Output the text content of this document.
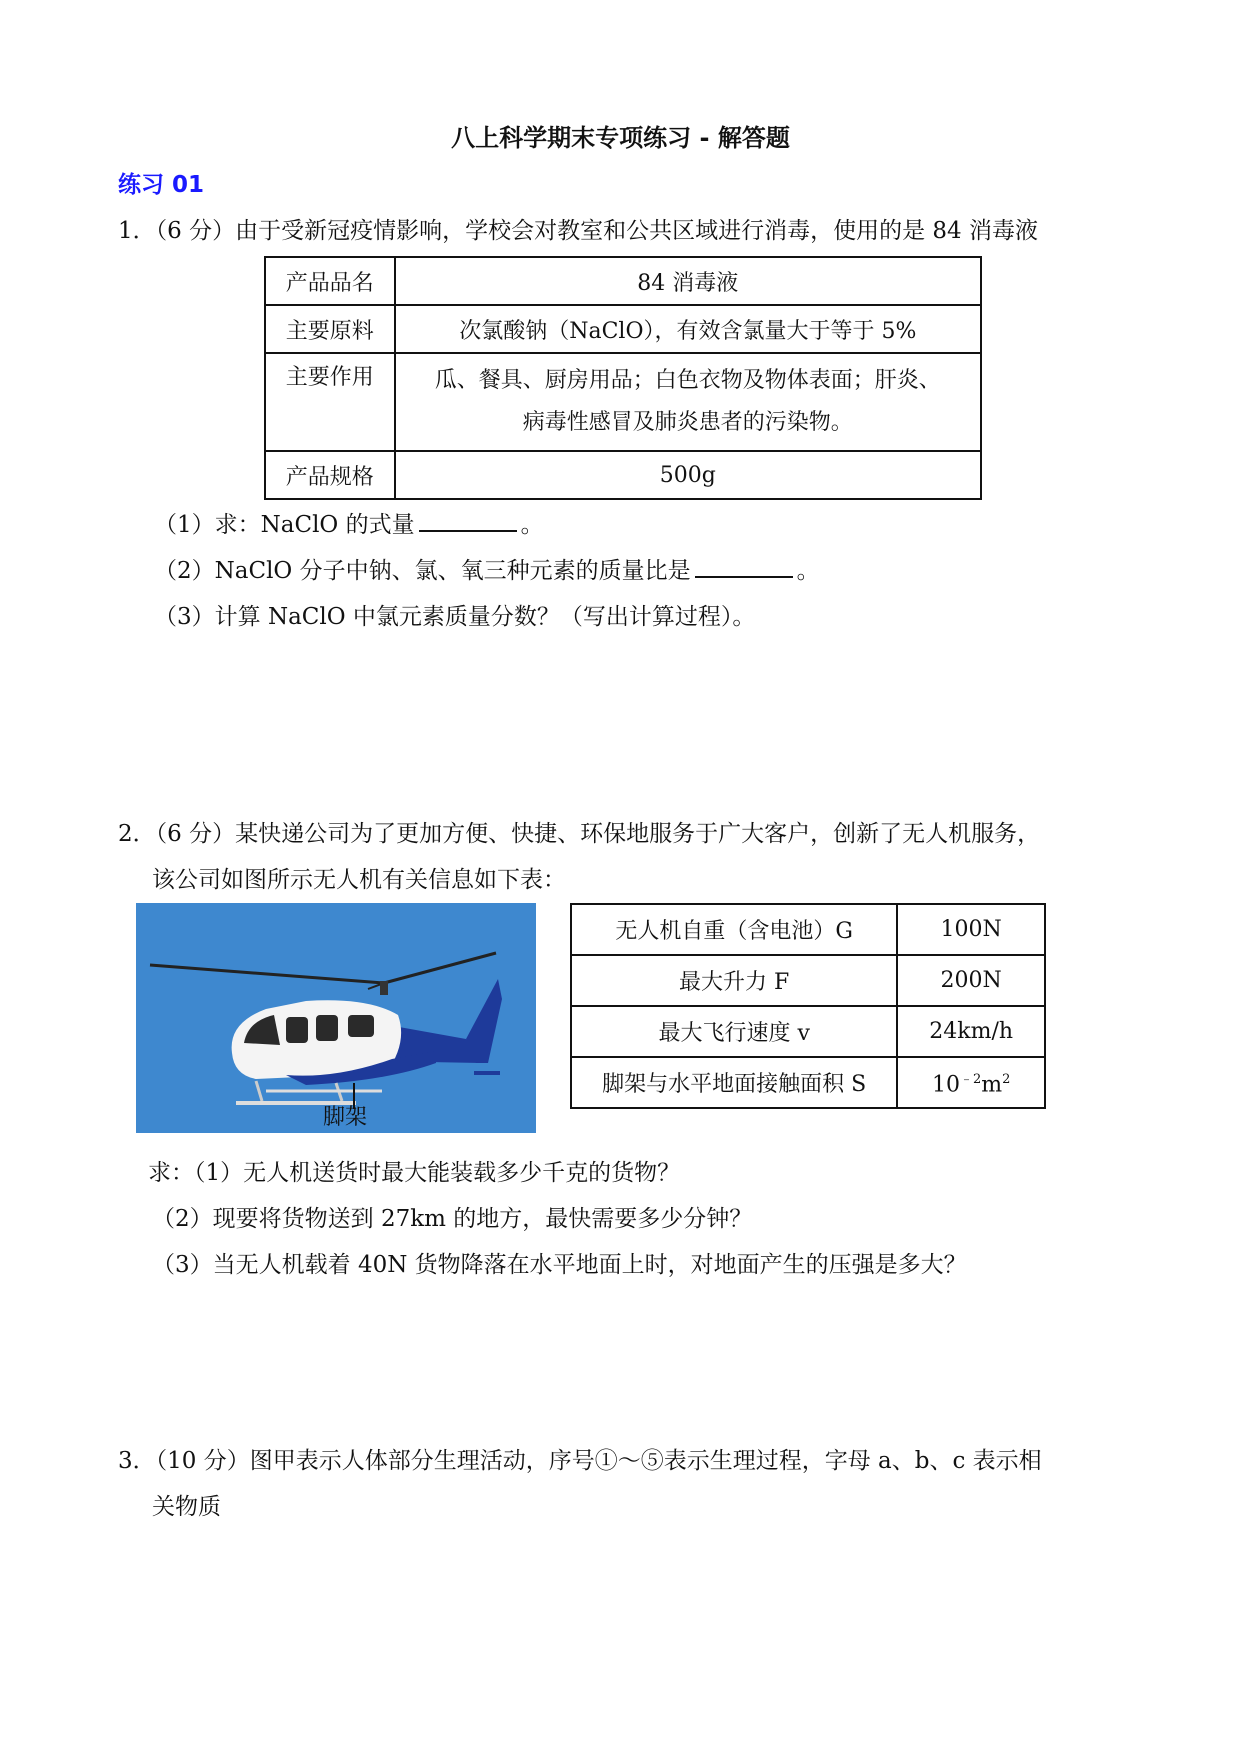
八上科学期末专项练习 - 解答题
练习 01
1．（6 分）由于受新冠疫情影响，学校会对教室和公共区域进行消毒，使用的是 84 消毒液
产品品名	84 消毒液
主要原料	次氯酸钠（NaClO），有效含氯量大于等于 5%
主要作用	瓜、餐具、厨房用品；白色衣物及物体表面；肝炎、
病毒性感冒及肺炎患者的污染物。

产品规格	500g
（1）求：NaClO 的式量	。
（2）NaClO 分子中钠、氯、氧三种元素的质量比是	。
（3）计算 NaClO 中氯元素质量分数？（写出计算过程）。
2．（6 分）某快递公司为了更加方便、快捷、环保地服务于广大客户，创新了无人机服务，
该公司如图所示无人机有关信息如下表：
脚架
无人机自重（含电池）G	100N
最大升力 F	200N
最大飞行速度 v	24km/h
脚架与水平地面接触面积 S	$10^{﹣2}m^2$
求：（1）无人机送货时最大能装载多少千克的货物？
（2）现要将货物送到 27km 的地方，最快需要多少分钟？
（3）当无人机载着 40N 货物降落在水平地面上时，对地面产生的压强是多大？
3．（10 分）图甲表示人体部分生理活动，序号①～⑤表示生理过程，字母 a、b、c 表示相
关物质
